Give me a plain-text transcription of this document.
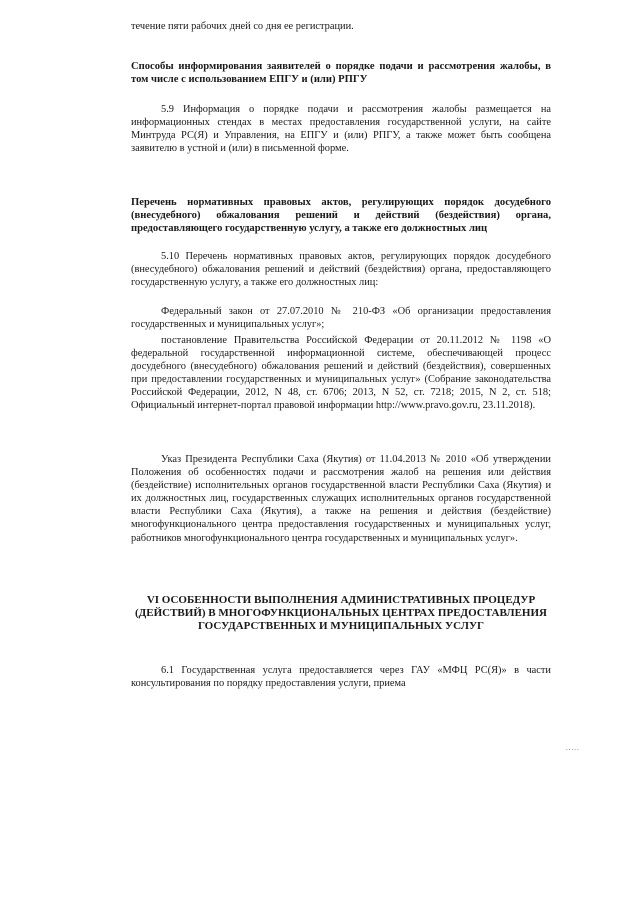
течение пяти рабочих дней со дня ее регистрации.

Способы информирования заявителей о порядке подачи и рассмотрения жалобы, в том числе с использованием ЕПГУ и (или) РПГУ

5.9 Информация о порядке подачи и рассмотрения жалобы размещается на информационных стендах в местах предоставления государственной услуги, на сайте Минтруда РС(Я) и Управления, на ЕПГУ и (или) РПГУ, а также может быть сообщена заявителю в устной и (или) в письменной форме.

Перечень нормативных правовых актов, регулирующих порядок досудебного (внесудебного) обжалования решений и действий (бездействия) органа, предоставляющего государственную услугу, а также его должностных лиц

5.10 Перечень нормативных правовых актов, регулирующих порядок досудебного (внесудебного) обжалования решений и действий (бездействия) органа, предоставляющего государственную услугу, а также его должностных лиц:

Федеральный закон от 27.07.2010 № 210-ФЗ «Об организации предоставления государственных и муниципальных услуг»;

постановление Правительства Российской Федерации от 20.11.2012 № 1198 «О федеральной государственной информационной системе, обеспечивающей процесс досудебного (внесудебного) обжалования решений и действий (бездействия), совершенных при предоставлении государственных и муниципальных услуг» (Собрание законодательства Российской Федерации, 2012, N 48, ст. 6706; 2013, N 52, ст. 7218; 2015, N 2, ст. 518; Официальный интернет-портал правовой информации http://www.pravo.gov.ru, 23.11.2018).

Указ Президента Республики Саха (Якутия) от 11.04.2013 № 2010 «Об утверждении Положения об особенностях подачи и рассмотрения жалоб на решения или действия (бездействие) исполнительных органов государственной власти Республики Саха (Якутия) и их должностных лиц, государственных служащих исполнительных органов государственной власти Республики Саха (Якутия), а также на решения и действия (бездействие) многофункционального центра предоставления государственных и муниципальных услуг, работников многофункционального центра государственных и муниципальных услуг».

VI ОСОБЕННОСТИ ВЫПОЛНЕНИЯ АДМИНИСТРАТИВНЫХ ПРОЦЕДУР (ДЕЙСТВИЙ) В МНОГОФУНКЦИОНАЛЬНЫХ ЦЕНТРАХ ПРЕДОСТАВЛЕНИЯ ГОСУДАРСТВЕННЫХ И МУНИЦИПАЛЬНЫХ УСЛУГ

6.1 Государственная услуга предоставляется через ГАУ «МФЦ РС(Я)» в части консультирования по порядку предоставления услуги, приема

.....
